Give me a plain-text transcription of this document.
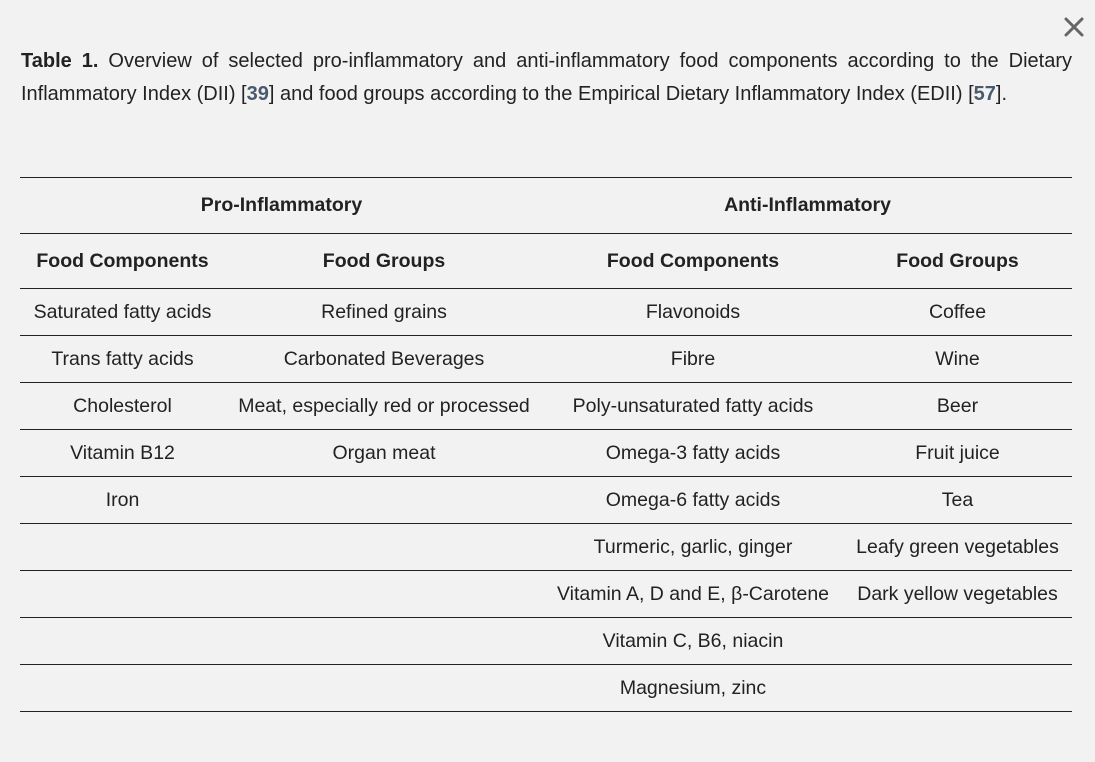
Table 1. Overview of selected pro-inflammatory and anti-inflammatory food components according to the Dietary Inflammatory Index (DII) [39] and food groups according to the Empirical Dietary Inflammatory Index (EDII) [57].

Pro-Inflammatory		Anti-Inflammatory	
Food Components	Food Groups	Food Components	Food Groups
Saturated fatty acids	Refined grains	Flavonoids	Coffee
Trans fatty acids	Carbonated Beverages	Fibre	Wine
Cholesterol	Meat, especially red or processed	Poly-unsaturated fatty acids	Beer
Vitamin B12	Organ meat	Omega-3 fatty acids	Fruit juice
Iron		Omega-6 fatty acids	Tea
		Turmeric, garlic, ginger	Leafy green vegetables
		Vitamin A, D and E, β-Carotene	Dark yellow vegetables
		Vitamin C, B6, niacin	
		Magnesium, zinc	
